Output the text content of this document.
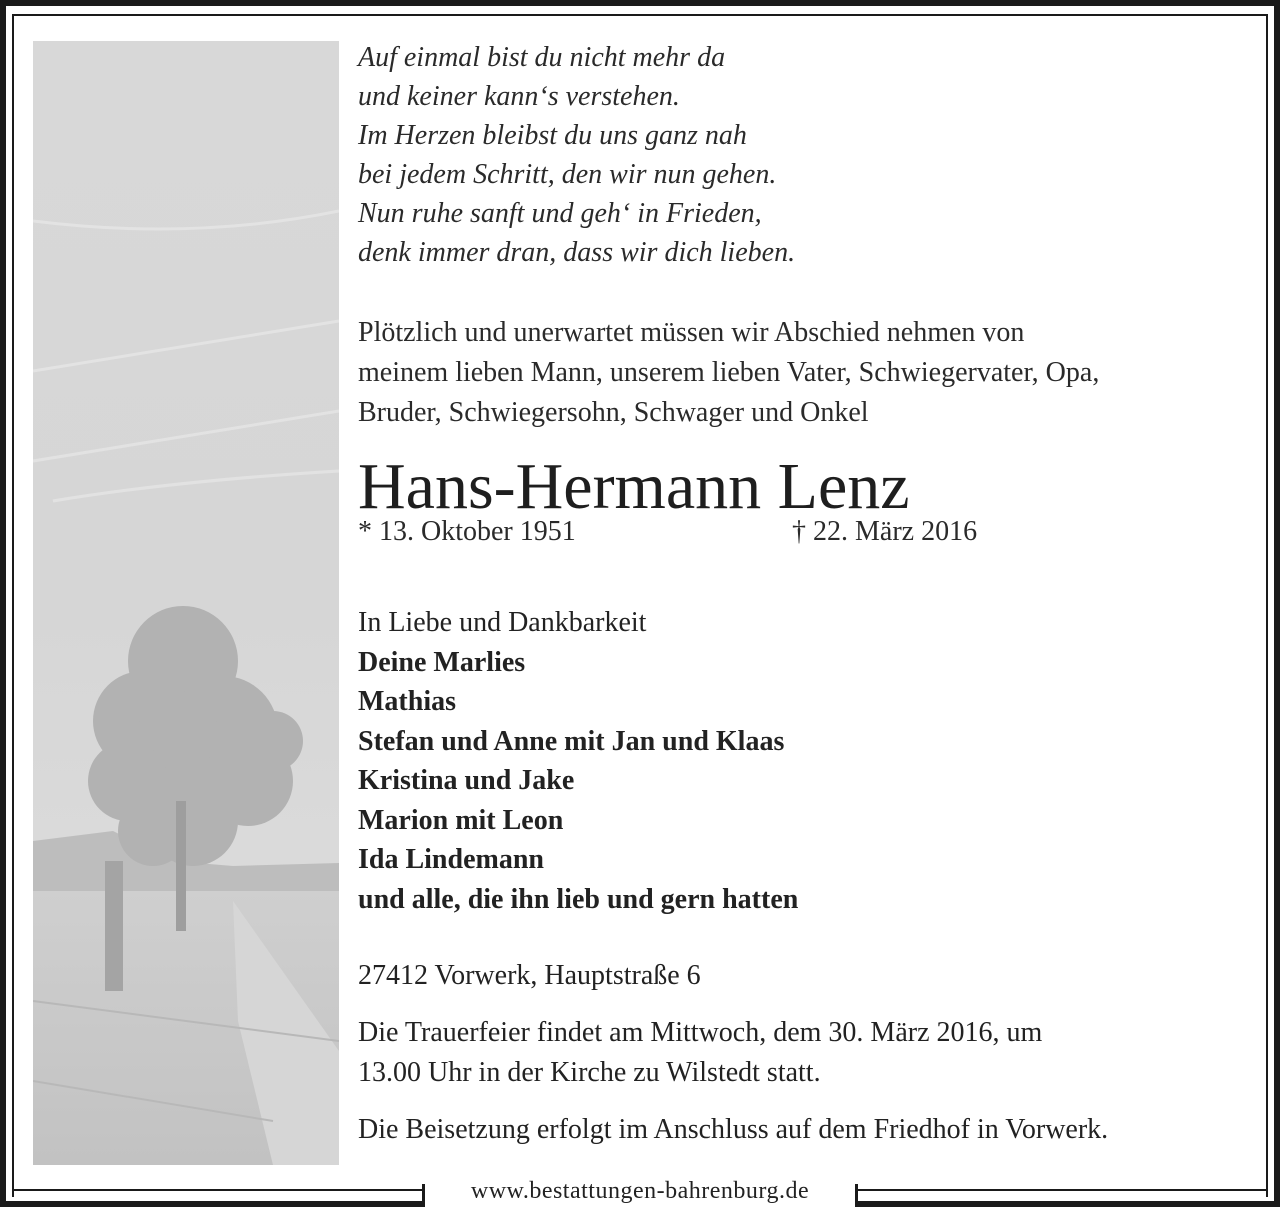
Auf einmal bist du nicht mehr da
und keiner kann‘s verstehen.
Im Herzen bleibst du uns ganz nah
bei jedem Schritt, den wir nun gehen.
Nun ruhe sanft und geh‘ in Frieden,
denk immer dran, dass wir dich lieben.
Plötzlich und unerwartet müssen wir Abschied nehmen von
meinem lieben Mann, unserem lieben Vater, Schwiegervater, Opa,
Bruder, Schwiegersohn, Schwager und Onkel
Hans-Hermann Lenz
* 13. Oktober 1951	† 22. März 2016
In Liebe und Dankbarkeit
Deine Marlies
Mathias
Stefan und Anne mit Jan und Klaas
Kristina und Jake
Marion mit Leon
Ida Lindemann
und alle, die ihn lieb und gern hatten
27412 Vorwerk, Hauptstraße 6
Die Trauerfeier findet am Mittwoch, dem 30. März 2016, um
13.00 Uhr in der Kirche zu Wilstedt statt.
Die Beisetzung erfolgt im Anschluss auf dem Friedhof in Vorwerk.
www.bestattungen-bahrenburg.de
